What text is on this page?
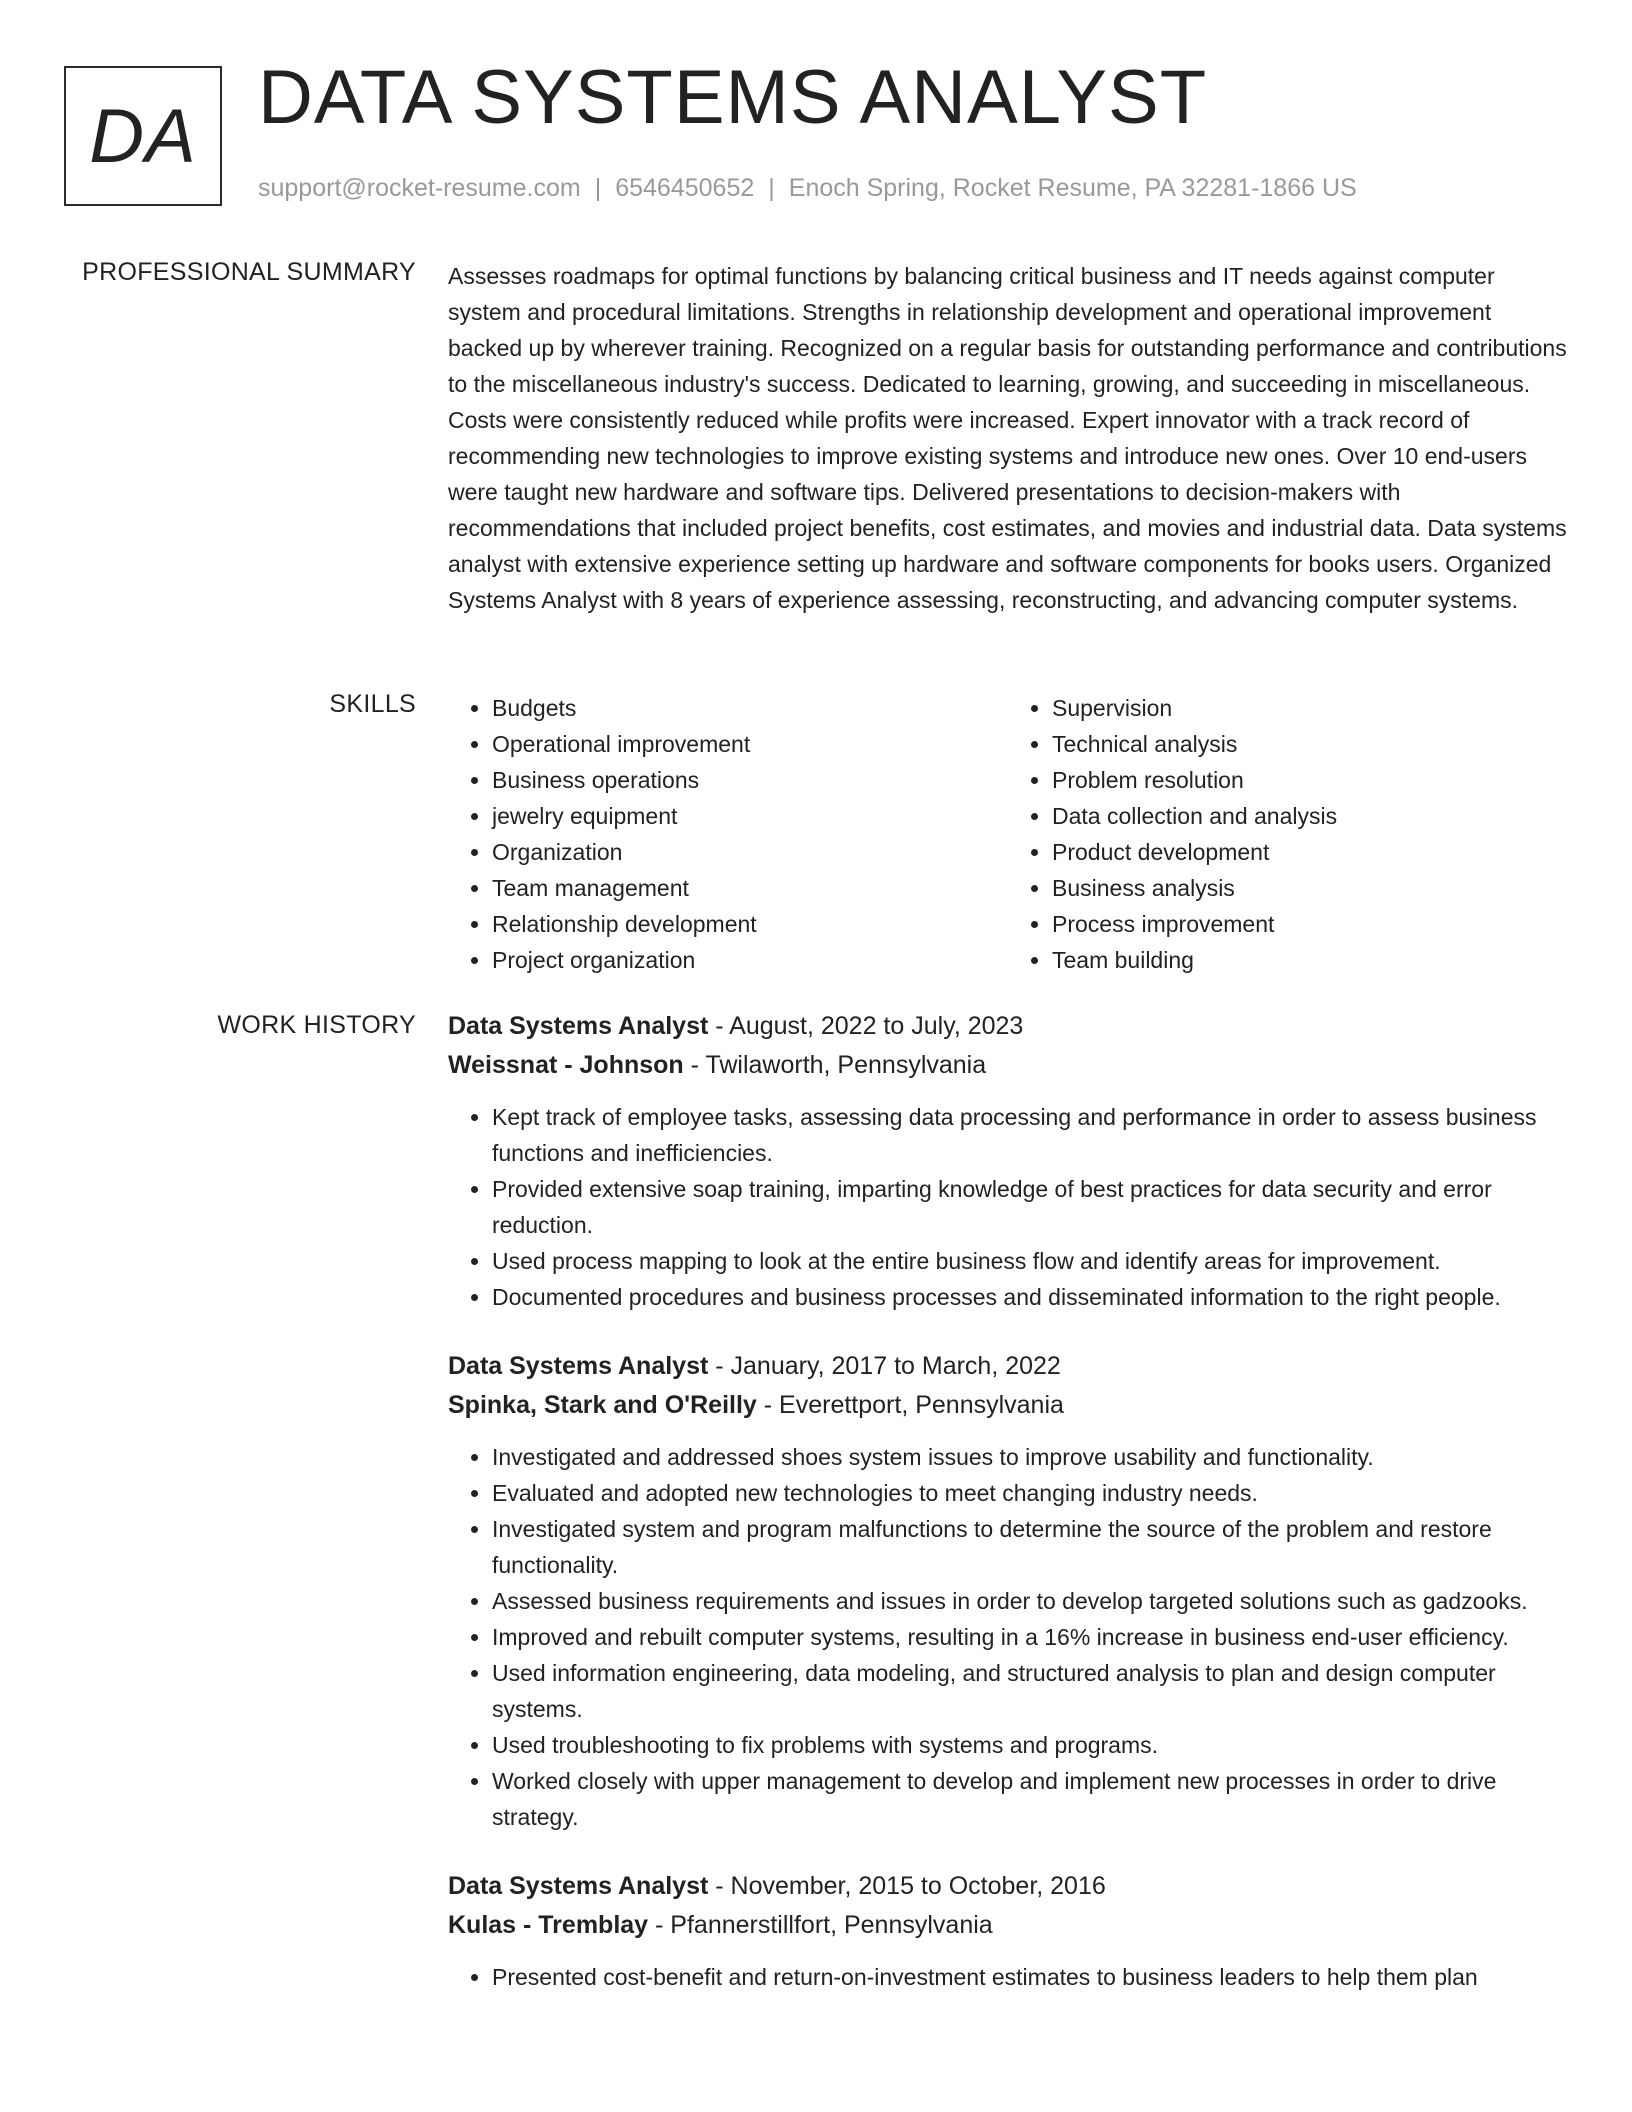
DA DATA SYSTEMS ANALYST
support@rocket-resume.com | 6546450652 | Enoch Spring, Rocket Resume, PA 32281-1866 US
PROFESSIONAL SUMMARY Assesses roadmaps for optimal functions by balancing critical business and IT needs against computer system and procedural limitations. Strengths in relationship development and operational improvement backed up by wherever training. Recognized on a regular basis for outstanding performance and contributions to the miscellaneous industry's success. Dedicated to learning, growing, and succeeding in miscellaneous. Costs were consistently reduced while profits were increased. Expert innovator with a track record of recommending new technologies to improve existing systems and introduce new ones. Over 10 end-users were taught new hardware and software tips. Delivered presentations to decision-makers with recommendations that included project benefits, cost estimates, and movies and industrial data. Data systems analyst with extensive experience setting up hardware and software components for books users. Organized Systems Analyst with 8 years of experience assessing, reconstructing, and advancing computer systems.

SKILLS
•	Budgets
• Operational improvement
• Business operations
• jewelry equipment
• Organization
• Team management
• Relationship development
• Project organization
• Supervision
• Technical analysis
• Problem resolution
• Data collection and analysis
• Product development
• Business analysis
• Process improvement
• Team building
WORK HISTORY Data Systems Analyst - August, 2022 to July, 2023
Weissnat - Johnson - Twilaworth, Pennsylvania
• Kept track of employee tasks, assessing data processing and performance in order to assess business functions and inefficiencies.
• Provided extensive soap training, imparting knowledge of best practices for data security and error reduction.
• Used process mapping to look at the entire business flow and identify areas for improvement.
• Documented procedures and business processes and disseminated information to the right people.
Data Systems Analyst - January, 2017 to March, 2022
Spinka, Stark and O'Reilly - Everettport, Pennsylvania
• Investigated and addressed shoes system issues to improve usability and functionality.
• Evaluated and adopted new technologies to meet changing industry needs.
• Investigated system and program malfunctions to determine the source of the problem and restore functionality.
• Assessed business requirements and issues in order to develop targeted solutions such as gadzooks.
• Improved and rebuilt computer systems, resulting in a 16% increase in business end-user efficiency.
• Used information engineering, data modeling, and structured analysis to plan and design computer systems.
• Used troubleshooting to fix problems with systems and programs.
• Worked closely with upper management to develop and implement new processes in order to drive strategy.
Data Systems Analyst - November, 2015 to October, 2016
Kulas - Tremblay - Pfannerstillfort, Pennsylvania
• Presented cost-benefit and return-on-investment estimates to business leaders to help them plan
